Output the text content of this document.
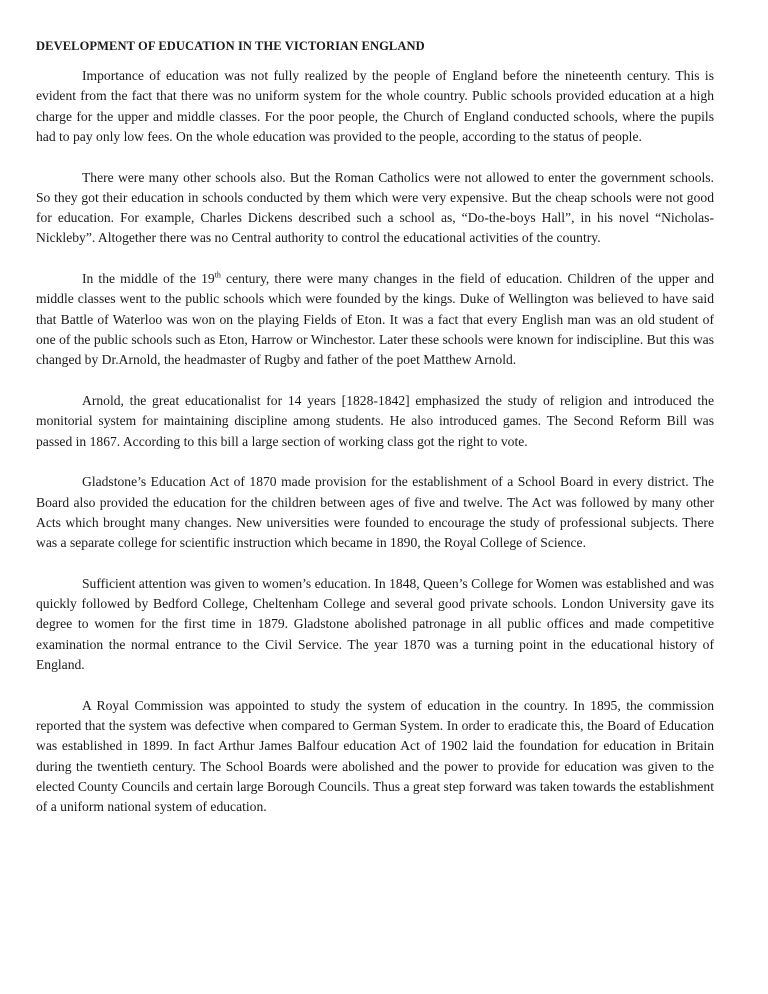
DEVELOPMENT OF EDUCATION IN THE VICTORIAN ENGLAND

Importance of education was not fully realized by the people of England before the nineteenth century. This is evident from the fact that there was no uniform system for the whole country. Public schools provided education at a high charge for the upper and middle classes. For the poor people, the Church of England conducted schools, where the pupils had to pay only low fees. On the whole education was provided to the people, according to the status of people.

There were many other schools also. But the Roman Catholics were not allowed to enter the government schools. So they got their education in schools conducted by them which were very expensive. But the cheap schools were not good for education. For example, Charles Dickens described such a school as, “Do-the-boys Hall”, in his novel “Nicholas-Nickleby”. Altogether there was no Central authority to control the educational activities of the country.

In the middle of the 19th century, there were many changes in the field of education. Children of the upper and middle classes went to the public schools which were founded by the kings. Duke of Wellington was believed to have said that Battle of Waterloo was won on the playing Fields of Eton. It was a fact that every English man was an old student of one of the public schools such as Eton, Harrow or Winchestor. Later these schools were known for indiscipline. But this was changed by Dr.Arnold, the headmaster of Rugby and father of the poet Matthew Arnold.

Arnold, the great educationalist for 14 years [1828-1842] emphasized the study of religion and introduced the monitorial system for maintaining discipline among students. He also introduced games. The Second Reform Bill was passed in 1867. According to this bill a large section of working class got the right to vote.

Gladstone’s Education Act of 1870 made provision for the establishment of a School Board in every district. The Board also provided the education for the children between ages of five and twelve. The Act was followed by many other Acts which brought many changes. New universities were founded to encourage the study of professional subjects. There was a separate college for scientific instruction which became in 1890, the Royal College of Science.

Sufficient attention was given to women’s education. In 1848, Queen’s College for Women was established and was quickly followed by Bedford College, Cheltenham College and several good private schools. London University gave its degree to women for the first time in 1879. Gladstone abolished patronage in all public offices and made competitive examination the normal entrance to the Civil Service. The year 1870 was a turning point in the educational history of England.

A Royal Commission was appointed to study the system of education in the country. In 1895, the commission reported that the system was defective when compared to German System. In order to eradicate this, the Board of Education was established in 1899. In fact Arthur James Balfour education Act of 1902 laid the foundation for education in Britain during the twentieth century. The School Boards were abolished and the power to provide for education was given to the elected County Councils and certain large Borough Councils. Thus a great step forward was taken towards the establishment of a uniform national system of education.
